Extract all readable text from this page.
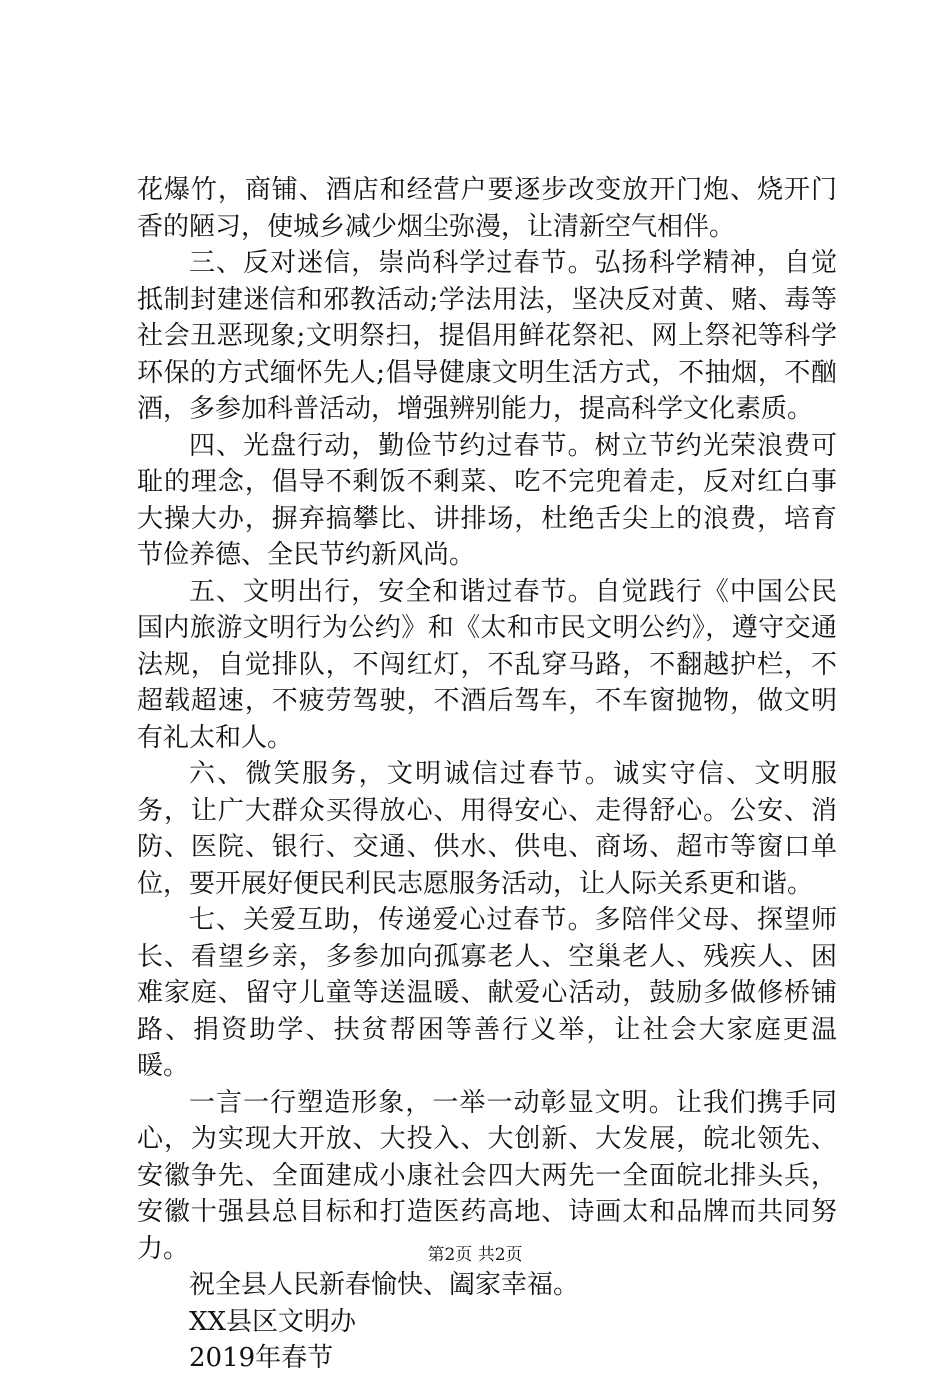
花爆竹，商铺、酒店和经营户要逐步改变放开门炮、烧开门香的陋习，使城乡减少烟尘弥漫，让清新空气相伴。

三、反对迷信，崇尚科学过春节。弘扬科学精神，自觉抵制封建迷信和邪教活动;学法用法，坚决反对黄、赌、毒等社会丑恶现象;文明祭扫，提倡用鲜花祭祀、网上祭祀等科学环保的方式缅怀先人;倡导健康文明生活方式，不抽烟，不酗酒，多参加科普活动，增强辨别能力，提高科学文化素质。

四、光盘行动，勤俭节约过春节。树立节约光荣浪费可耻的理念，倡导不剩饭不剩菜、吃不完兜着走，反对红白事大操大办，摒弃搞攀比、讲排场，杜绝舌尖上的浪费，培育节俭养德、全民节约新风尚。

五、文明出行，安全和谐过春节。自觉践行《中国公民国内旅游文明行为公约》和《太和市民文明公约》，遵守交通法规，自觉排队，不闯红灯，不乱穿马路，不翻越护栏，不超载超速，不疲劳驾驶，不酒后驾车，不车窗抛物，做文明有礼太和人。

六、微笑服务，文明诚信过春节。诚实守信、文明服务，让广大群众买得放心、用得安心、走得舒心。公安、消防、医院、银行、交通、供水、供电、商场、超市等窗口单位，要开展好便民利民志愿服务活动，让人际关系更和谐。

七、关爱互助，传递爱心过春节。多陪伴父母、探望师长、看望乡亲，多参加向孤寡老人、空巢老人、残疾人、困难家庭、留守儿童等送温暖、献爱心活动，鼓励多做修桥铺路、捐资助学、扶贫帮困等善行义举，让社会大家庭更温暖。

一言一行塑造形象，一举一动彰显文明。让我们携手同心，为实现大开放、大投入、大创新、大发展，皖北领先、安徽争先、全面建成小康社会四大两先一全面皖北排头兵，安徽十强县总目标和打造医药高地、诗画太和品牌而共同努力。

祝全县人民新春愉快、阖家幸福。

XX县区文明办

2019年春节

第2页 共2页
